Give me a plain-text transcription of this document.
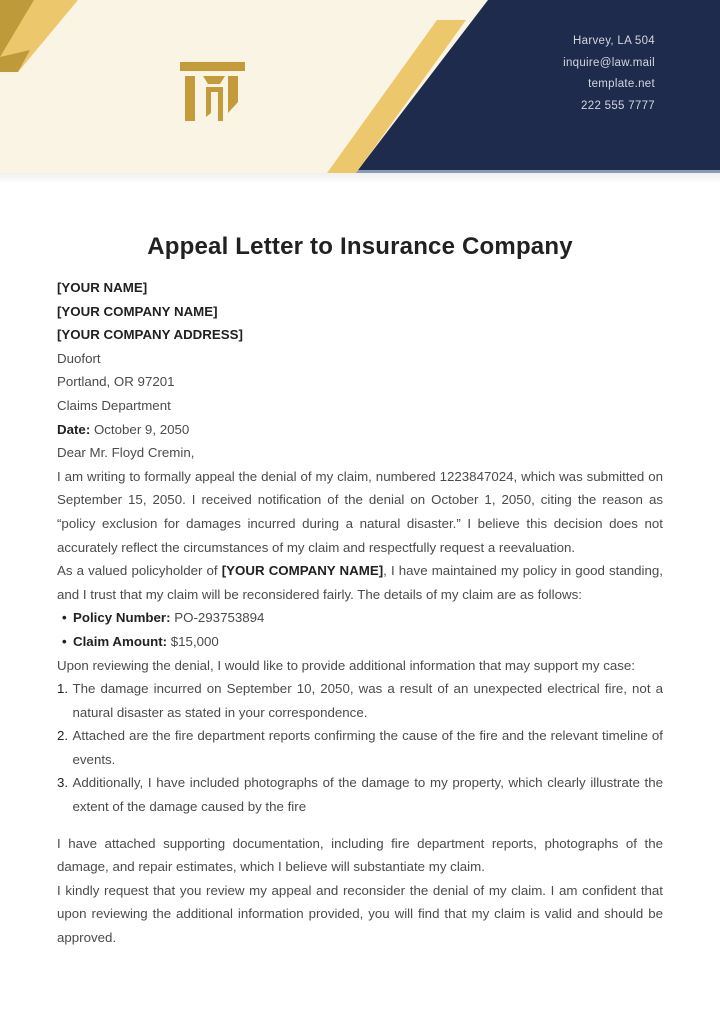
Harvey, LA 504
inquire@law.mail
template.net
222 555 7777
Appeal Letter to Insurance Company
[YOUR NAME]
[YOUR COMPANY NAME]
[YOUR COMPANY ADDRESS]
Duofort
Portland, OR 97201
Claims Department
Date: October 9, 2050
Dear Mr. Floyd Cremin,
I am writing to formally appeal the denial of my claim, numbered 1223847024, which was submitted on September 15, 2050. I received notification of the denial on October 1, 2050, citing the reason as “policy exclusion for damages incurred during a natural disaster.” I believe this decision does not accurately reflect the circumstances of my claim and respectfully request a reevaluation.
As a valued policyholder of [YOUR COMPANY NAME], I have maintained my policy in good standing, and I trust that my claim will be reconsidered fairly. The details of my claim are as follows:
• Policy Number: PO-293753894
• Claim Amount: $15,000
Upon reviewing the denial, I would like to provide additional information that may support my case:
1. The damage incurred on September 10, 2050, was a result of an unexpected electrical fire, not a natural disaster as stated in your correspondence.
2. Attached are the fire department reports confirming the cause of the fire and the relevant timeline of events.
3. Additionally, I have included photographs of the damage to my property, which clearly illustrate the extent of the damage caused by the fire
I have attached supporting documentation, including fire department reports, photographs of the damage, and repair estimates, which I believe will substantiate my claim.
I kindly request that you review my appeal and reconsider the denial of my claim. I am confident that upon reviewing the additional information provided, you will find that my claim is valid and should be approved.
